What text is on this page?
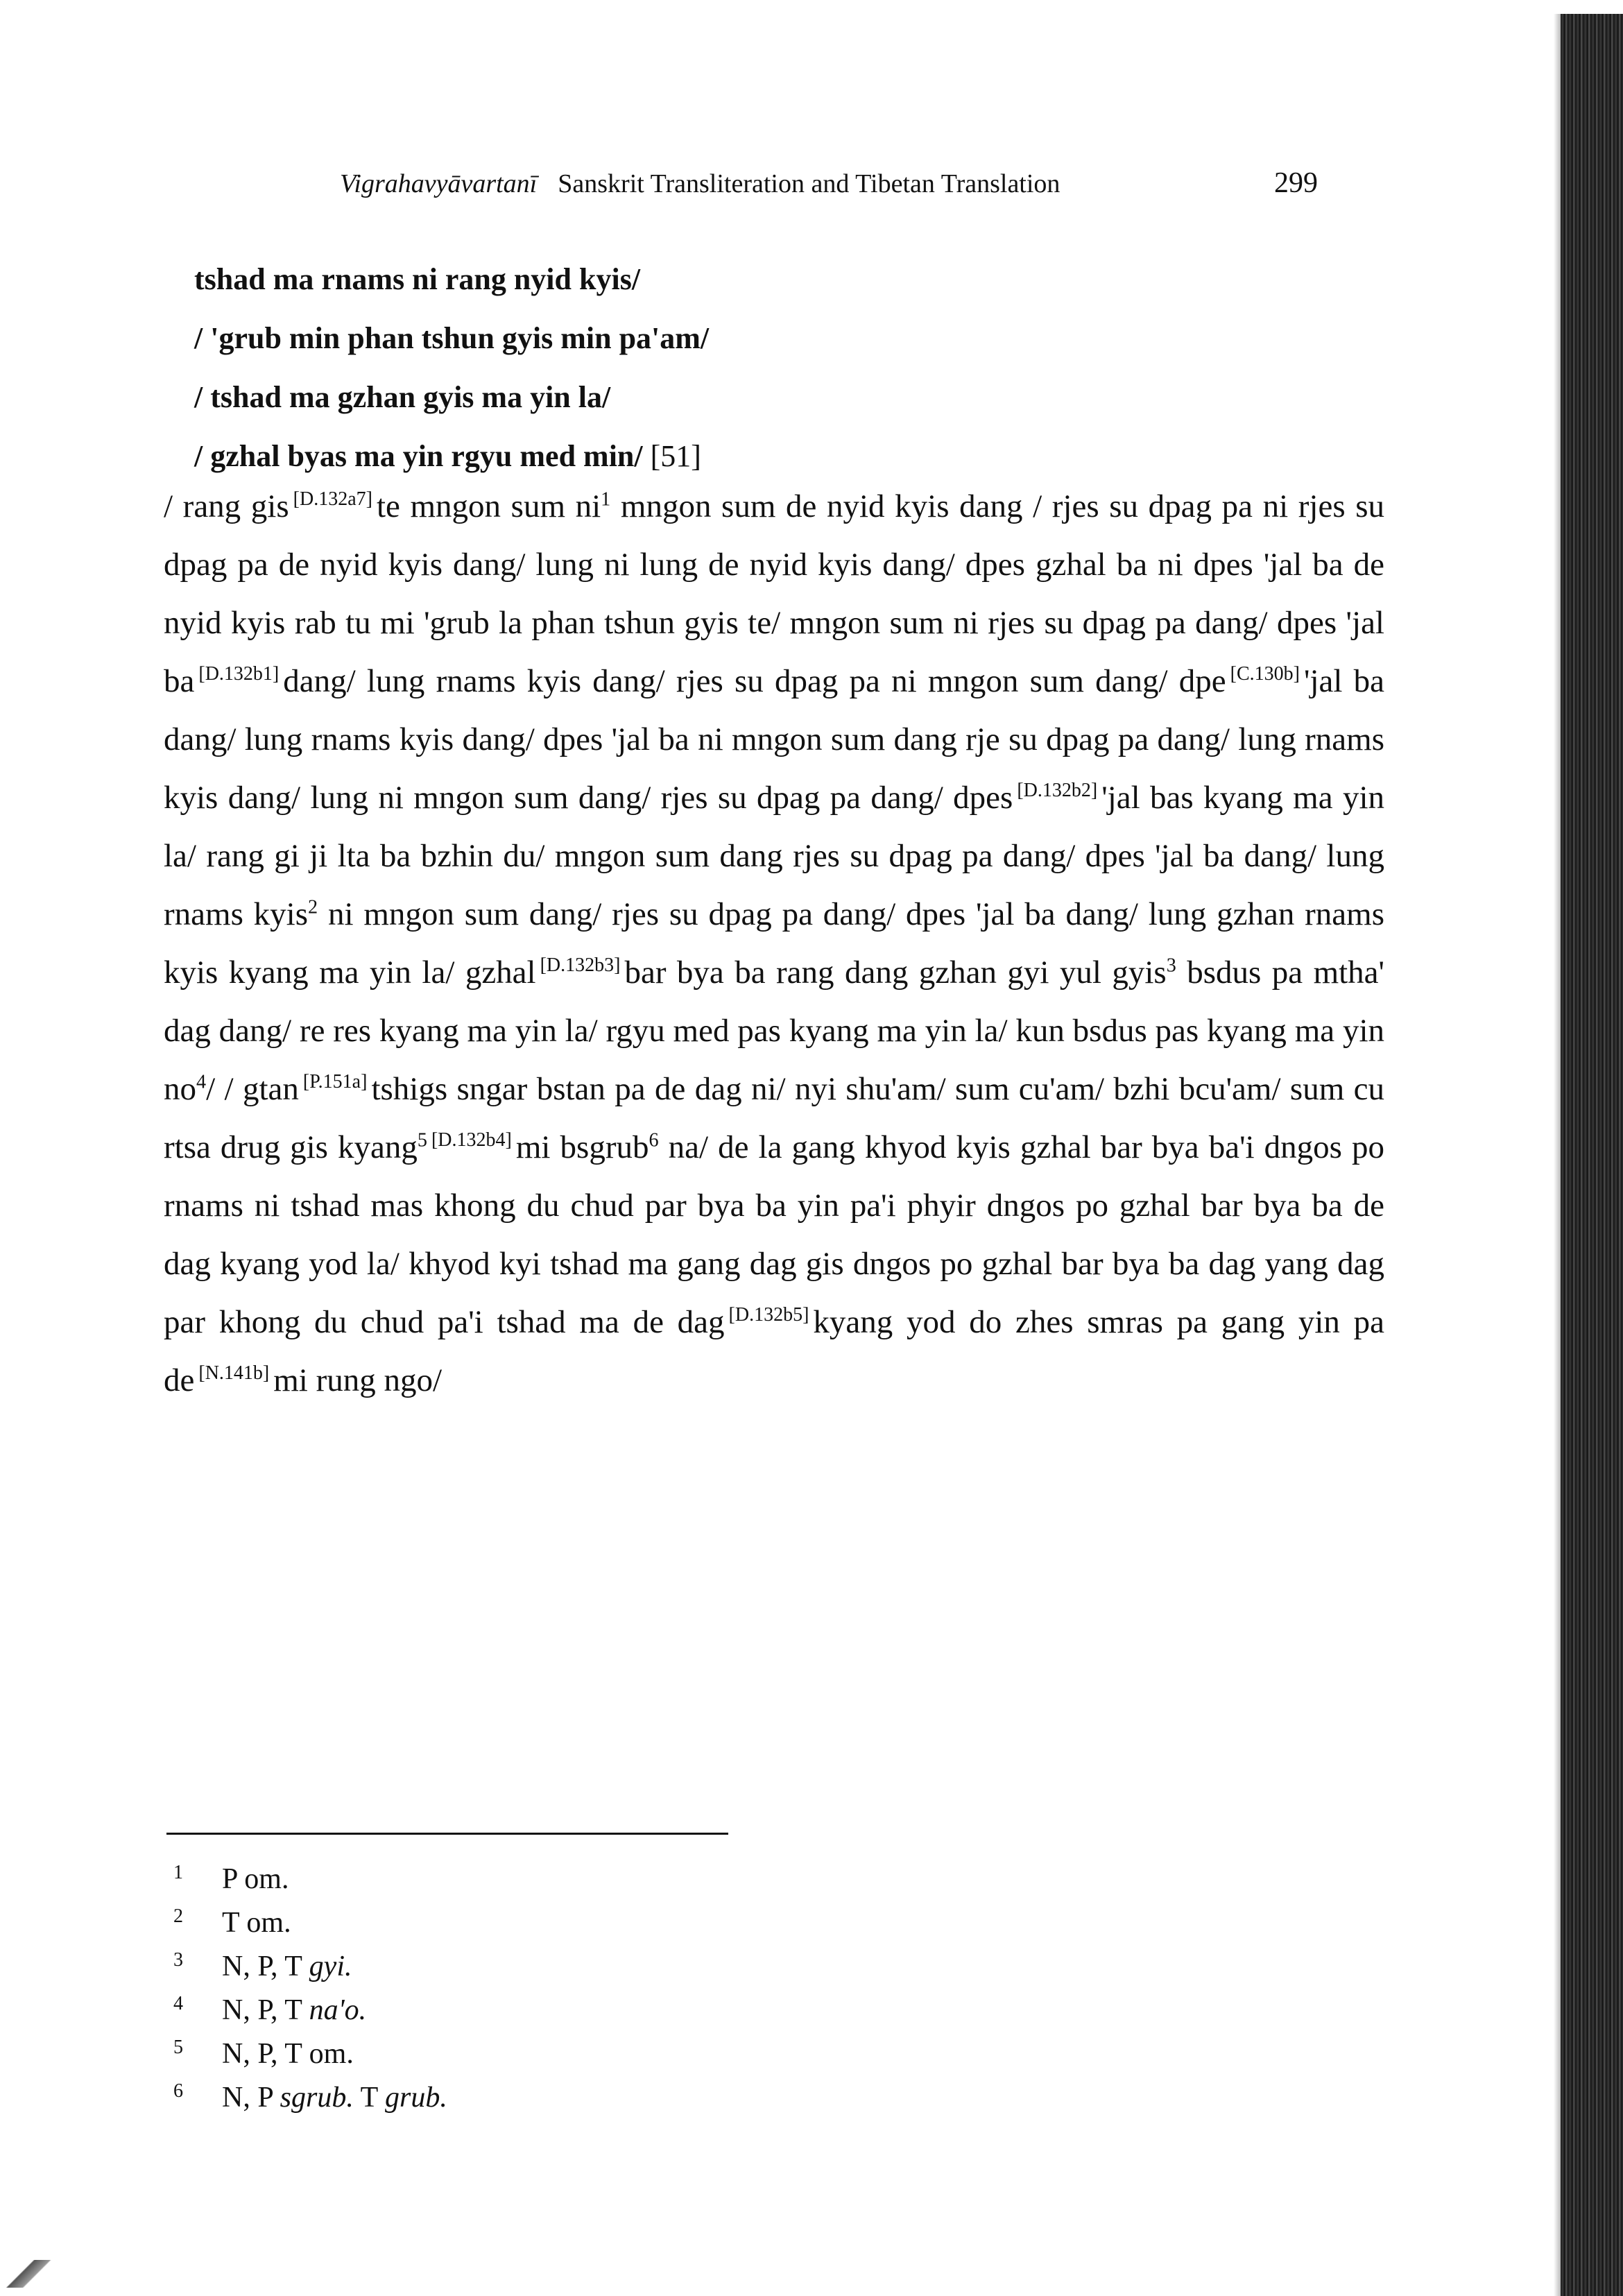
Vigrahavyāvartanī Sanskrit Transliteration and Tibetan Translation	299
tshad ma rnams ni rang nyid kyis/
/ 'grub min phan tshun gyis min pa'am/
/ tshad ma gzhan gyis ma yin la/
/ gzhal byas ma yin rgyu med min/ [51]
/ rang gis [D.132a7] te mngon sum $ni^1$ mngon sum de nyid kyis dang / rjes su dpag pa ni rjes su dpag pa de nyid kyis dang/ lung ni lung de nyid kyis dang/ dpes gzhal ba ni dpes 'jal ba de nyid kyis rab tu mi 'grub la phan tshun gyis te/ mngon sum ni rjes su dpag pa dang/ dpes 'jal ba [D.132b1] dang/ lung rnams kyis dang/ rjes su dpag pa ni mngon sum dang/ dpe [C.130b] 'jal ba dang/ lung rnams kyis dang/ dpes 'jal ba ni mngon sum dang rje su dpag pa dang/ lung rnams kyis dang/ lung ni mngon sum dang/ rjes su dpag pa dang/ dpes [D.132b2] 'jal bas kyang ma yin la/ rang gi ji lta ba bzhin du/ mngon sum dang rjes su dpag pa dang/ dpes 'jal ba dang/ lung rnams kyis$^2$ ni mngon sum dang/ rjes su dpag pa dang/ dpes 'jal ba dang/ lung gzhan rnams kyis kyang ma yin la/ gzhal [D.132b3] bar bya ba rang dang gzhan gyi yul gyis$^3$ bsdus pa mtha' dag dang/ re res kyang ma yin la/ rgyu med pas kyang ma yin la/ kun bsdus pas kyang ma yin $no^4/$ / gtan [P.151a] tshigs sngar bstan pa de dag ni/ nyi shu'am/ sum cu'am/ bzhi bcu'am/ sum cu rtsa drug gis kyang$^5$ [D.132b4] mi bsgrub$^6$ na/ de la gang khyod kyis gzhal bar bya ba'i dngos po rnams ni tshad mas khong du chud par bya ba yin pa'i phyir dngos po gzhal bar bya ba de dag kyang yod la/ khyod kyi tshad ma gang dag gis dngos po gzhal bar bya ba dag yang dag par khong du chud pa'i tshad ma de dag [D.132b5] kyang yod do zhes smras pa gang yin pa de [N.141b] mi rung ngo/
1	P om.
2	T om.
3	N, P, T gyi.
4	N, P, T na'o.
5	N, P, T om.
6	N, P sgrub. T grub.
